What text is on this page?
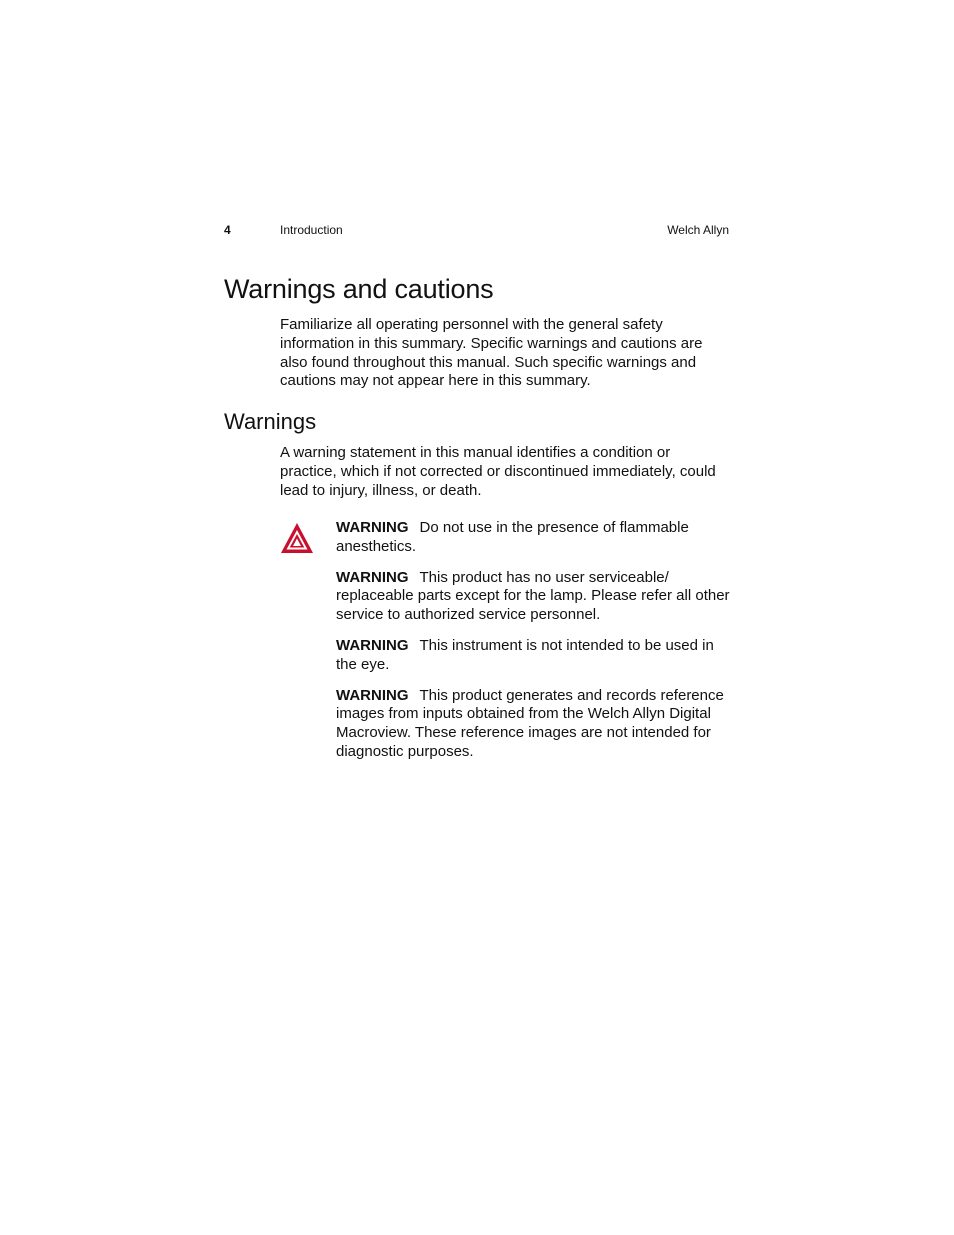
4	Introduction	Welch Allyn
Warnings and cautions

Familiarize all operating personnel with the general safety information in this summary. Specific warnings and cautions are also found throughout this manual. Such specific warnings and cautions may not appear here in this summary.

Warnings

A warning statement in this manual identifies a condition or practice, which if not corrected or discontinued immediately, could lead to injury, illness, or death.

WARNING Do not use in the presence of flammable anesthetics.

WARNING This product has no user serviceable/ replaceable parts except for the lamp. Please refer all other service to authorized service personnel.

WARNING This instrument is not intended to be used in the eye.

WARNING This product generates and records reference images from inputs obtained from the Welch Allyn Digital Macroview. These reference images are not intended for diagnostic purposes.
